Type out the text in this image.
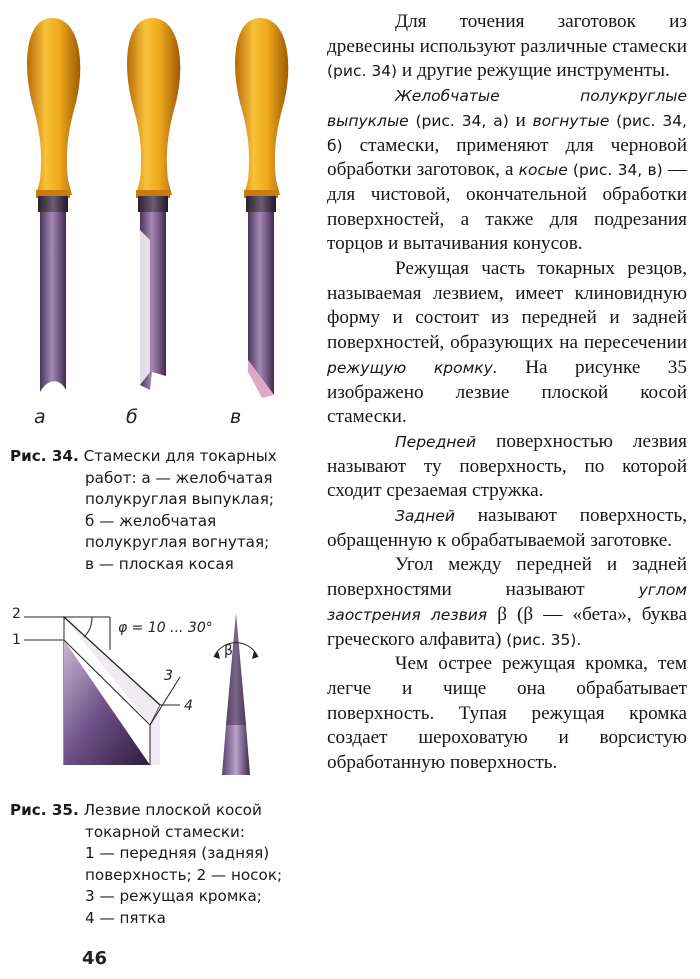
а	б	в
Рис. 34. Стамески для токарных
работ: а — желобчатая
полукруглая выпуклая;
б — желобчатая
полукруглая вогнутая;
в — плоская косая
2
1
φ = 10 ... 30°
β
3
4
Рис. 35. Лезвие плоской косой
токарной стамески:
1 — передняя (задняя)
поверхность; 2 — носок;
3 — режущая кромка;
4 — пятка

Для точения заготовок из древесины используют различные стамески (рис. 34) и другие режущие инструменты.

Желобчатые полукруглые выпуклые (рис. 34, а) и вогнутые (рис. 34, б) стамески, применяют для черновой обработки заготовок, а косые (рис. 34, в) — для чистовой, окончательной обработки поверхностей, а также для подрезания торцов и вытачивания конусов.

Режущая часть токарных резцов, называемая лезвием, имеет клиновидную форму и состоит из передней и задней поверхностей, образующих на пересечении режущую кромку. На рисунке 35 изображено лезвие плоской косой стамески.

Передней поверхностью лезвия называют ту поверхность, по которой сходит срезаемая стружка.

Задней называют поверхность, обращенную к обрабатываемой заготовке.

Угол между передней и задней поверхностями называют	углом заострения лезвия β (β — «бета», буква греческого алфавита) (рис. 35).

Чем острее режущая кромка, тем легче и чище она обрабатывает поверхность. Тупая режущая кромка создает шероховатую и ворсистую обработанную поверхность.

46
